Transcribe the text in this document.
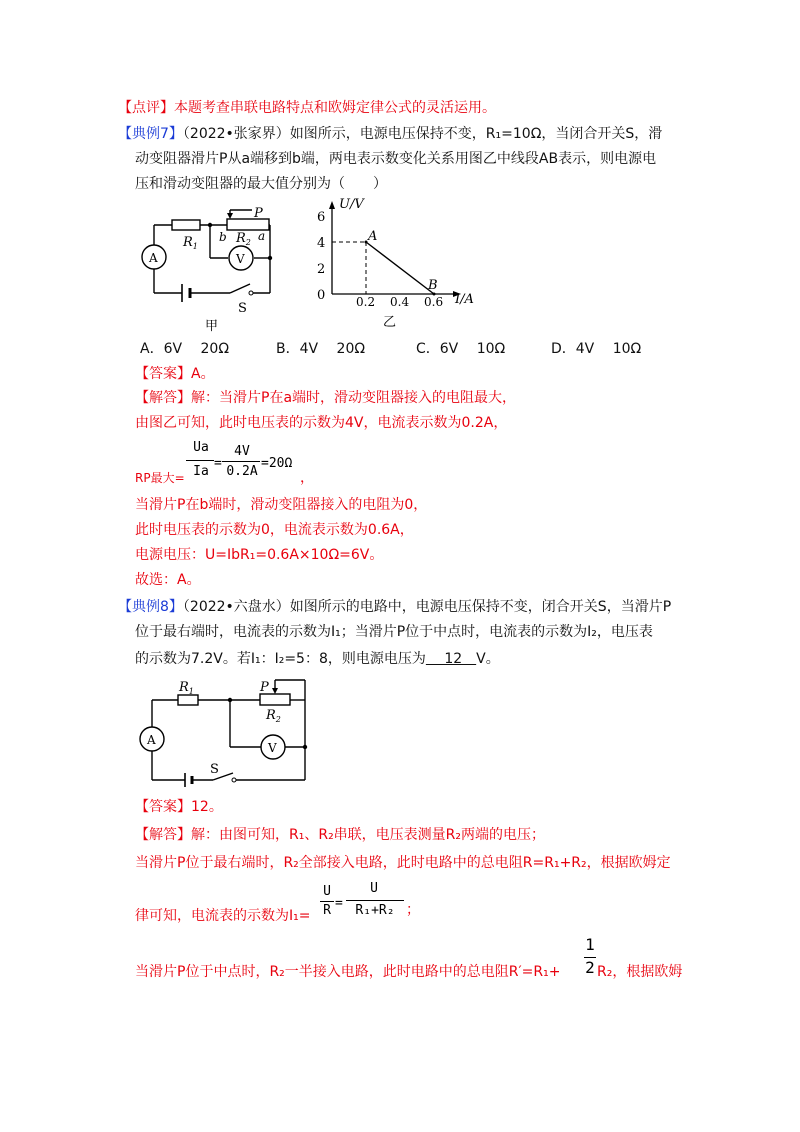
【点评】本题考查串联电路特点和欧姆定律公式的灵活运用。
【典例7】（2022•张家界）如图所示，电源电压保持不变，R₁=10Ω，当闭合开关S，滑
动变阻器滑片P从a端移到b端，两电表示数变化关系用图乙中线段AB表示，则电源电
压和滑动变阻器的最大值分别为（　　）
$R_1$
P
b $R_2$ a
A	V
S
甲
U/V
I/A
乙
0
2
4
6
0.2 0.4 0.6
A
B
A．6V　 20Ω	B．4V　 20Ω	C．6V　 10Ω	D．4V　 10Ω
【答案】A。
【解答】解：当滑片P在a端时，滑动变阻器接入的电阻最大，
由图乙可知，此时电压表的示数为4V，电流表示数为0.2A，
RP最大=
Ua
Ia
=
4V
0.2A
=20Ω
，
当滑片P在b端时，滑动变阻器接入的电阻为0，
此时电压表的示数为0，电流表示数为0.6A，
电源电压：U=IbR₁=0.6A×10Ω=6V。
故选：A。
【典例8】（2022•六盘水）如图所示的电路中，电源电压保持不变，闭合开关S，当滑片P
位于最右端时，电流表的示数为I₁；当滑片P位于中点时，电流表的示数为I₂，电压表
的示数为7.2V。若I₁：I₂=5：8，则电源电压为　 12　V。
$R_1$	P
$R_2$
A
V
S
【答案】12。
【解答】解：由图可知，R₁、R₂串联，电压表测量R₂两端的电压；
当滑片P位于最右端时，R₂全部接入电路，此时电路中的总电阻R=R₁+R₂，根据欧姆定
律可知，电流表的示数为I₁=
U
R =
U
R₁+R₂ ；
当滑片P位于中点时，R₂一半接入电路，此时电路中的总电阻R′=R₁+
1
2 R₂，根据欧姆
